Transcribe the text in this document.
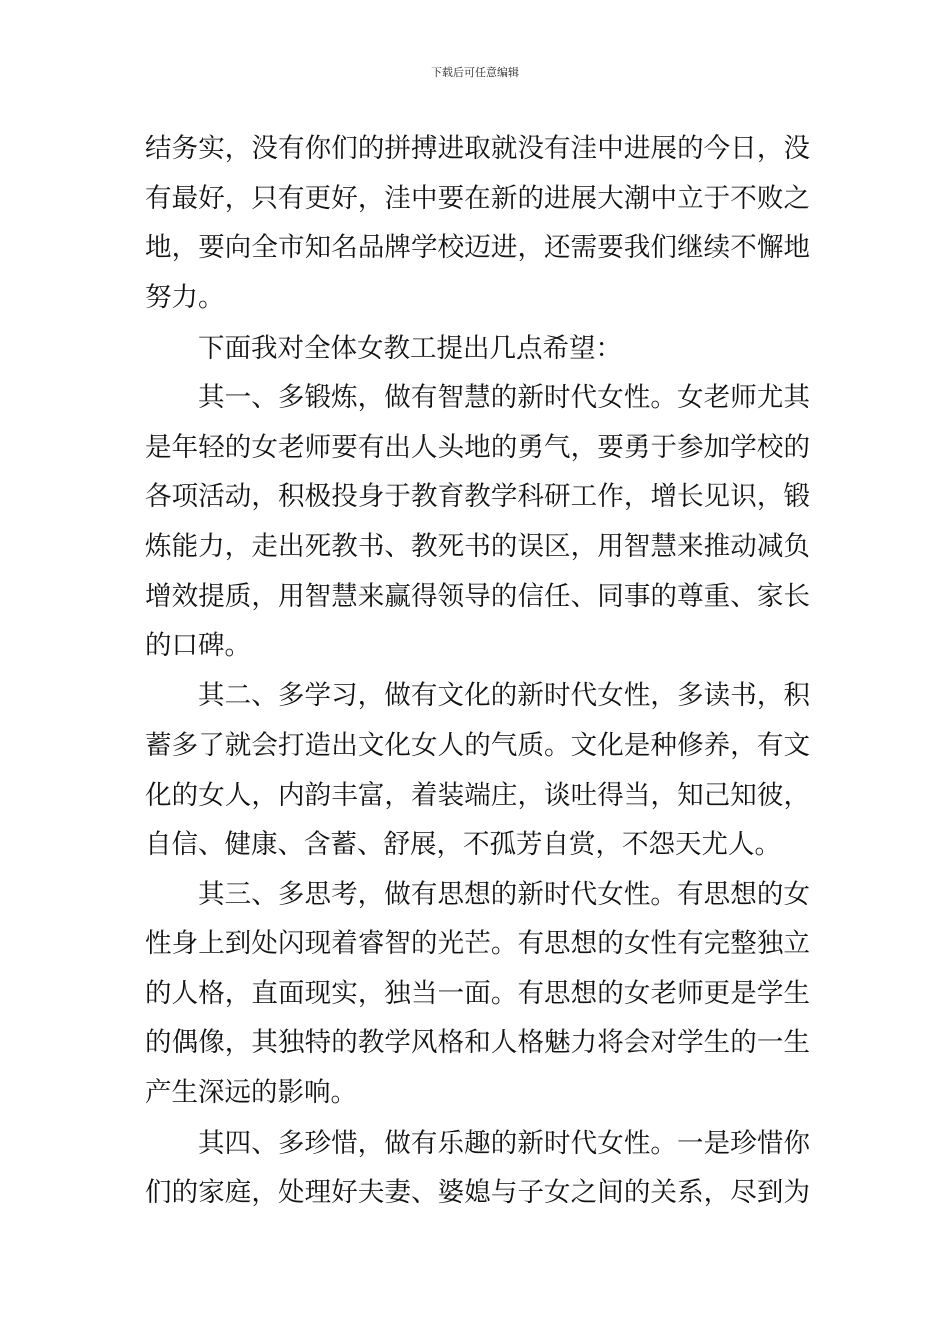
下载后可任意编辑
结务实，没有你们的拼搏进取就没有洼中进展的今日，没
有最好，只有更好，洼中要在新的进展大潮中立于不败之
地，要向全市知名品牌学校迈进，还需要我们继续不懈地
努力。
下面我对全体女教工提出几点希望：
其一、多锻炼，做有智慧的新时代女性。女老师尤其
是年轻的女老师要有出人头地的勇气，要勇于参加学校的
各项活动，积极投身于教育教学科研工作，增长见识，锻
炼能力，走出死教书、教死书的误区，用智慧来推动减负
增效提质，用智慧来赢得领导的信任、同事的尊重、家长
的口碑。
其二、多学习，做有文化的新时代女性，多读书，积
蓄多了就会打造出文化女人的气质。文化是种修养，有文
化的女人，内韵丰富，着装端庄，谈吐得当，知己知彼，
自信、健康、含蓄、舒展，不孤芳自赏，不怨天尤人。
其三、多思考，做有思想的新时代女性。有思想的女
性身上到处闪现着睿智的光芒。有思想的女性有完整独立
的人格，直面现实，独当一面。有思想的女老师更是学生
的偶像，其独特的教学风格和人格魅力将会对学生的一生
产生深远的影响。
其四、多珍惜，做有乐趣的新时代女性。一是珍惜你
们的家庭，处理好夫妻、婆媳与子女之间的关系，尽到为
